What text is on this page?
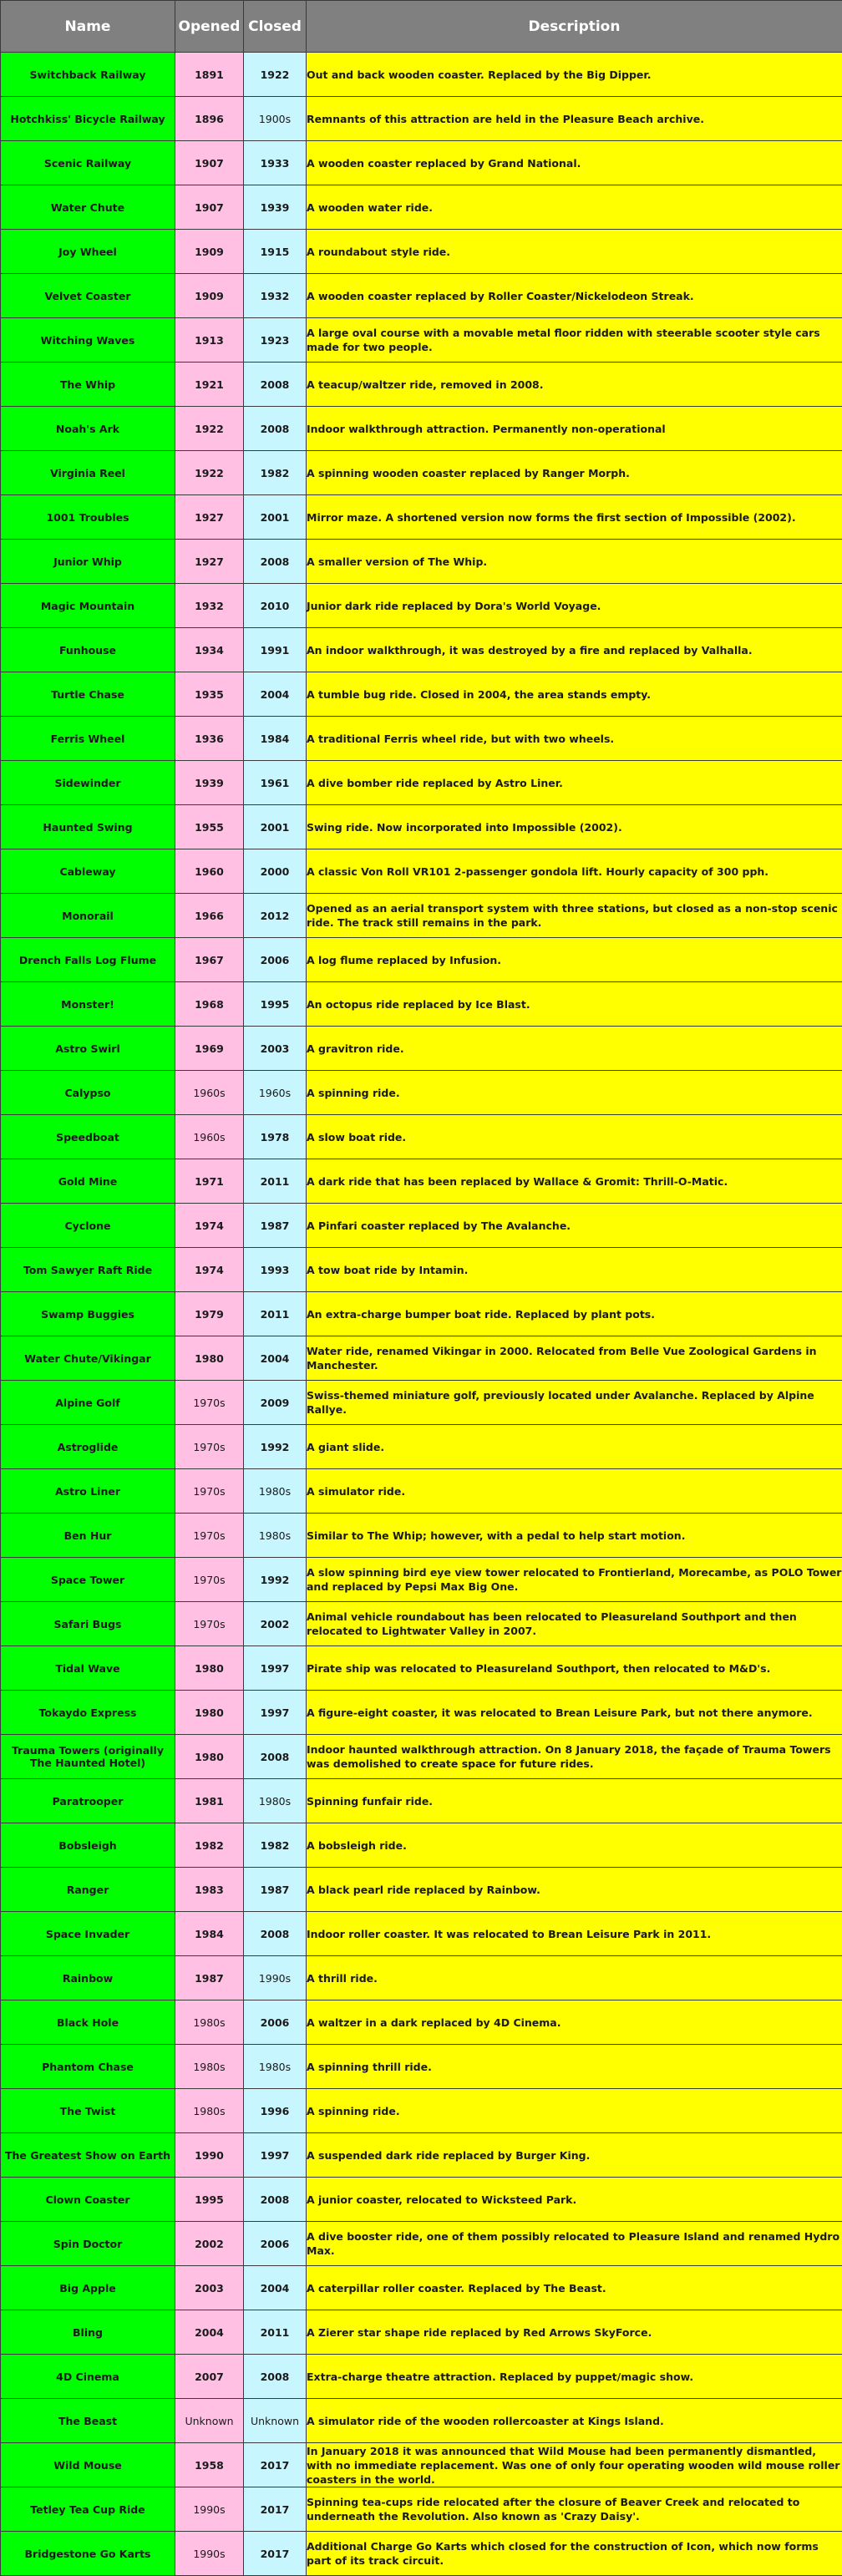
Name	Opened	Closed	Description
Switchback Railway	1891	1922	Out and back wooden coaster. Replaced by the Big Dipper.
Hotchkiss' Bicycle Railway	1896	1900s	Remnants of this attraction are held in the Pleasure Beach archive.
Scenic Railway	1907	1933	A wooden coaster replaced by Grand National.
Water Chute	1907	1939	A wooden water ride.
Joy Wheel	1909	1915	A roundabout style ride.
Velvet Coaster	1909	1932	A wooden coaster replaced by Roller Coaster/Nickelodeon Streak.
Witching Waves	1913	1923	A large oval course with a movable metal floor ridden with steerable scooter style cars made for two people.
The Whip	1921	2008	A teacup/waltzer ride, removed in 2008.
Noah's Ark	1922	2008	Indoor walkthrough attraction. Permanently non-operational
Virginia Reel	1922	1982	A spinning wooden coaster replaced by Ranger Morph.
1001 Troubles	1927	2001	Mirror maze. A shortened version now forms the first section of Impossible (2002).
Junior Whip	1927	2008	A smaller version of The Whip.
Magic Mountain	1932	2010	Junior dark ride replaced by Dora's World Voyage.
Funhouse	1934	1991	An indoor walkthrough, it was destroyed by a fire and replaced by Valhalla.
Turtle Chase	1935	2004	A tumble bug ride. Closed in 2004, the area stands empty.
Ferris Wheel	1936	1984	A traditional Ferris wheel ride, but with two wheels.
Sidewinder	1939	1961	A dive bomber ride replaced by Astro Liner.
Haunted Swing	1955	2001	Swing ride. Now incorporated into Impossible (2002).
Cableway	1960	2000	A classic Von Roll VR101 2-passenger gondola lift. Hourly capacity of 300 pph.
Monorail	1966	2012	Opened as an aerial transport system with three stations, but closed as a non-stop scenic ride. The track still remains in the park.
Drench Falls Log Flume	1967	2006	A log flume replaced by Infusion.
Monster!	1968	1995	An octopus ride replaced by Ice Blast.
Astro Swirl	1969	2003	A gravitron ride.
Calypso	1960s	1960s	A spinning ride.
Speedboat	1960s	1978	A slow boat ride.
Gold Mine	1971	2011	A dark ride that has been replaced by Wallace & Gromit: Thrill-O-Matic.
Cyclone	1974	1987	A Pinfari coaster replaced by The Avalanche.
Tom Sawyer Raft Ride	1974	1993	A tow boat ride by Intamin.
Swamp Buggies	1979	2011	An extra-charge bumper boat ride. Replaced by plant pots.
Water Chute/Vikingar	1980	2004	Water ride, renamed Vikingar in 2000. Relocated from Belle Vue Zoological Gardens in Manchester.
Alpine Golf	1970s	2009	Swiss-themed miniature golf, previously located under Avalanche. Replaced by Alpine Rallye.
Astroglide	1970s	1992	A giant slide.
Astro Liner	1970s	1980s	A simulator ride.
Ben Hur	1970s	1980s	Similar to The Whip; however, with a pedal to help start motion.
Space Tower	1970s	1992	A slow spinning bird eye view tower relocated to Frontierland, Morecambe, as POLO Tower and replaced by Pepsi Max Big One.
Safari Bugs	1970s	2002	Animal vehicle roundabout has been relocated to Pleasureland Southport and then relocated to Lightwater Valley in 2007.
Tidal Wave	1980	1997	Pirate ship was relocated to Pleasureland Southport, then relocated to M&D's.
Tokaydo Express	1980	1997	A figure-eight coaster, it was relocated to Brean Leisure Park, but not there anymore.
Trauma Towers (originally The Haunted Hotel)	1980	2008	Indoor haunted walkthrough attraction. On 8 January 2018, the façade of Trauma Towers was demolished to create space for future rides.
Paratrooper	1981	1980s	Spinning funfair ride.
Bobsleigh	1982	1982	A bobsleigh ride.
Ranger	1983	1987	A black pearl ride replaced by Rainbow.
Space Invader	1984	2008	Indoor roller coaster. It was relocated to Brean Leisure Park in 2011.
Rainbow	1987	1990s	A thrill ride.
Black Hole	1980s	2006	A waltzer in a dark replaced by 4D Cinema.
Phantom Chase	1980s	1980s	A spinning thrill ride.
The Twist	1980s	1996	A spinning ride.
The Greatest Show on Earth	1990	1997	A suspended dark ride replaced by Burger King.
Clown Coaster	1995	2008	A junior coaster, relocated to Wicksteed Park.
Spin Doctor	2002	2006	A dive booster ride, one of them possibly relocated to Pleasure Island and renamed Hydro Max.
Big Apple	2003	2004	A caterpillar roller coaster. Replaced by The Beast.
Bling	2004	2011	A Zierer star shape ride replaced by Red Arrows SkyForce.
4D Cinema	2007	2008	Extra-charge theatre attraction. Replaced by puppet/magic show.
The Beast	Unknown	Unknown	A simulator ride of the wooden rollercoaster at Kings Island.
Wild Mouse	1958	2017	In January 2018 it was announced that Wild Mouse had been permanently dismantled, with no immediate replacement. Was one of only four operating wooden wild mouse roller coasters in the world.
Tetley Tea Cup Ride	1990s	2017	Spinning tea-cups ride relocated after the closure of Beaver Creek and relocated to underneath the Revolution. Also known as 'Crazy Daisy'.
Bridgestone Go Karts	1990s	2017	Additional Charge Go Karts which closed for the construction of Icon, which now forms part of its track circuit.
